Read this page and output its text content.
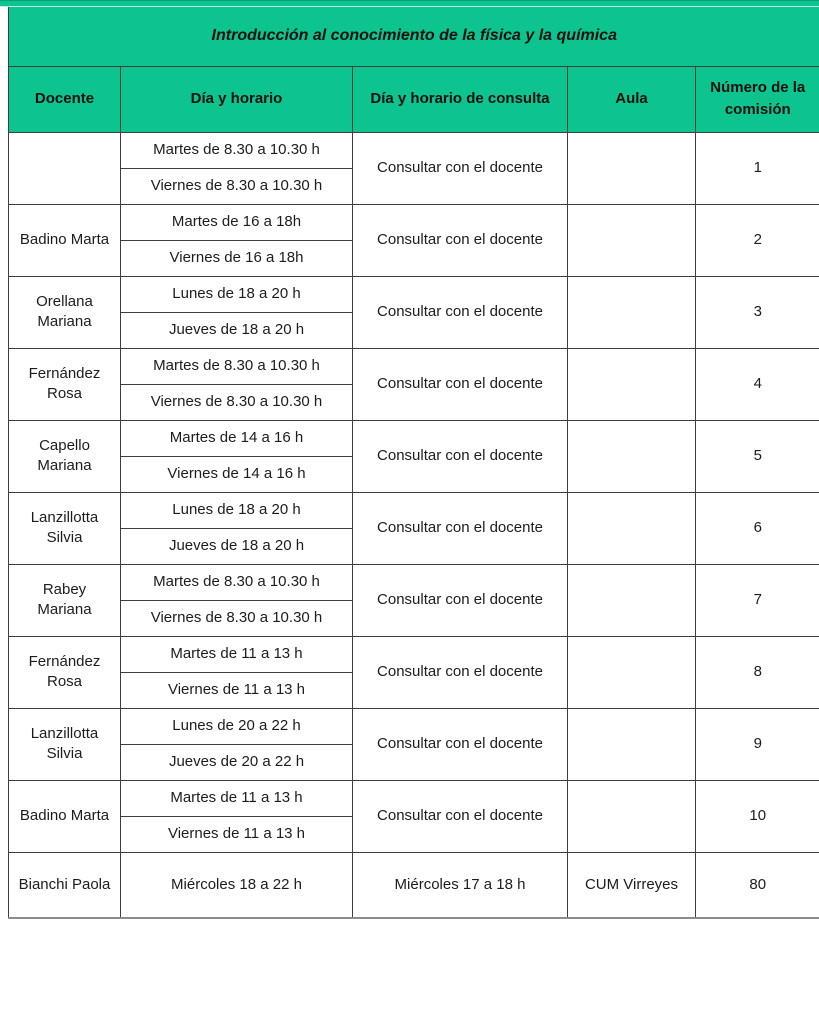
Introducción al conocimiento de la física y la química				
Docente	Día y horario	Día y horario de consulta	Aula	Número de la comisión
	Martes de 8.30 a 10.30 h	Consultar con el docente		1
	Viernes de 8.30 a 10.30 h			
Badino Marta	Martes de 16 a 18h	Consultar con el docente		2
	Viernes de 16 a 18h			
Orellana Mariana	Lunes de 18 a 20 h	Consultar con el docente		3
	Jueves de 18 a 20 h			
Fernández Rosa	Martes de 8.30 a 10.30 h	Consultar con el docente		4
	Viernes de 8.30 a 10.30 h			
Capello Mariana	Martes de 14 a 16 h	Consultar con el docente		5
	Viernes de 14 a 16 h			
Lanzillotta Silvia	Lunes de 18 a 20 h	Consultar con el docente		6
	Jueves de 18 a 20 h			
Rabey Mariana	Martes de 8.30 a 10.30 h	Consultar con el docente		7
	Viernes de 8.30 a 10.30 h			
Fernández Rosa	Martes de 11 a 13 h	Consultar con el docente		8
	Viernes de 11 a 13 h			
Lanzillotta Silvia	Lunes de 20 a 22 h	Consultar con el docente		9
	Jueves de 20 a 22 h			
Badino Marta	Martes de 11 a 13 h	Consultar con el docente		10
	Viernes de 11 a 13 h			
Bianchi Paola	Miércoles 18 a 22 h	Miércoles 17 a 18 h	CUM Virreyes	80
